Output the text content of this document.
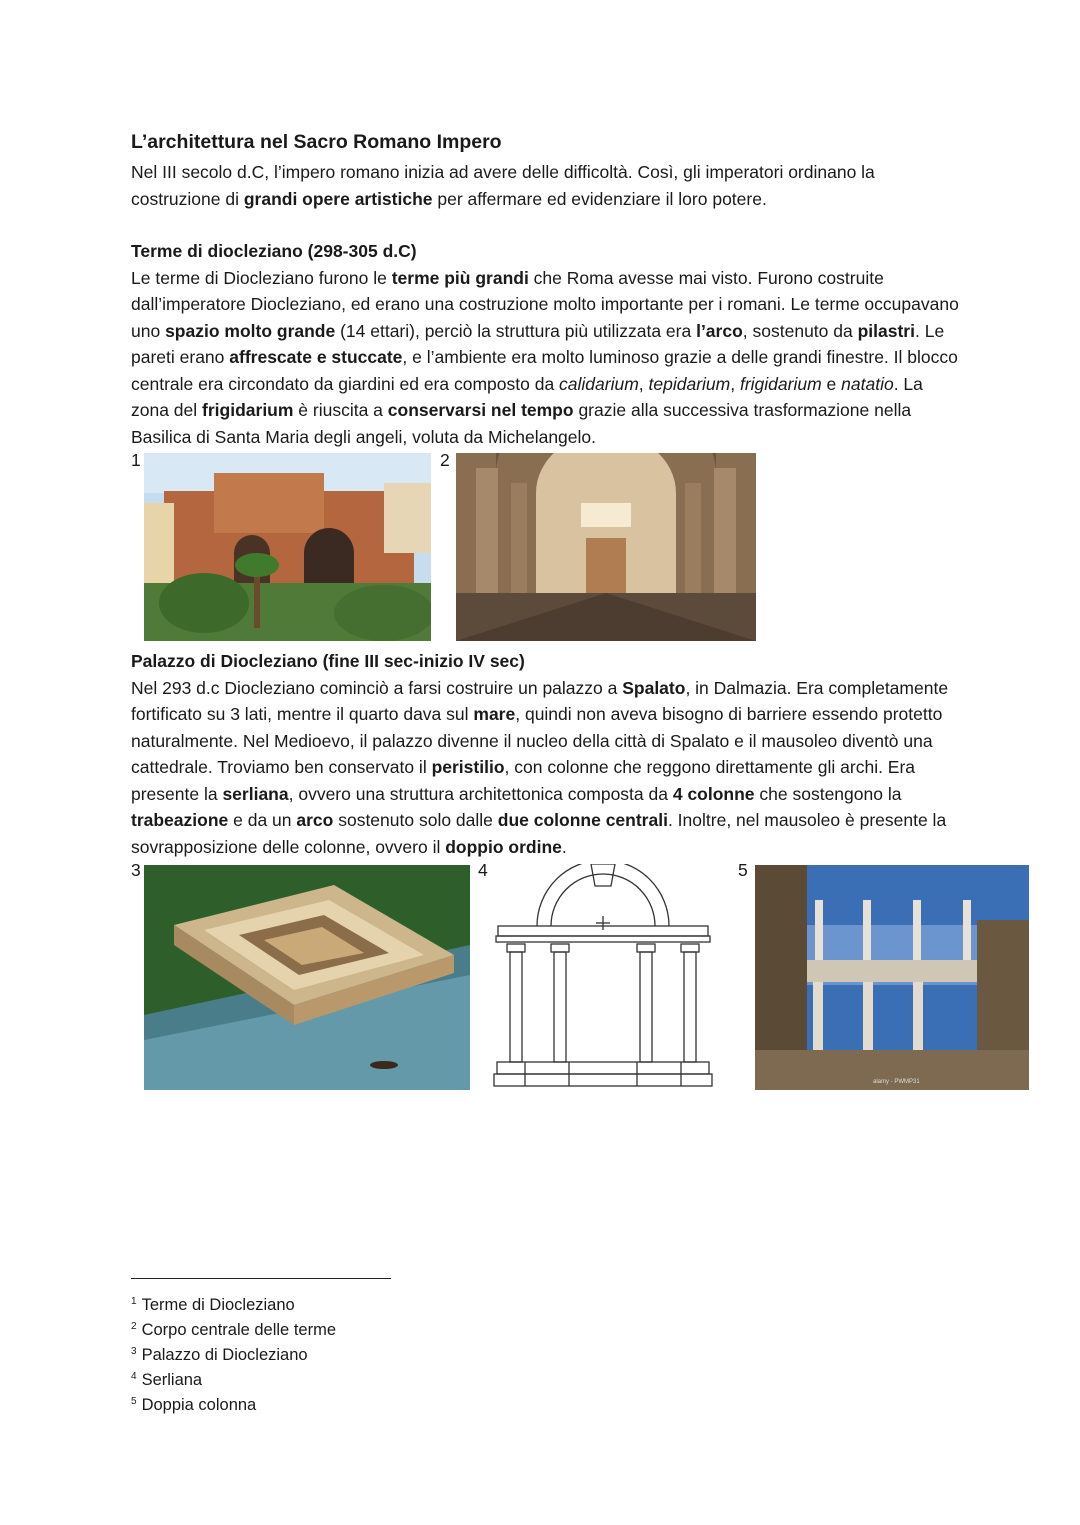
L’architettura nel Sacro Romano Impero

Nel III secolo d.C, l’impero romano inizia ad avere delle difficoltà. Così, gli imperatori ordinano la costruzione di grandi opere artistiche per affermare ed evidenziare il loro potere.

Terme di diocleziano (298-305 d.C)

Le terme di Diocleziano furono le terme più grandi che Roma avesse mai visto. Furono costruite dall’imperatore Diocleziano, ed erano una costruzione molto importante per i romani. Le terme occupavano uno spazio molto grande (14 ettari), perciò la struttura più utilizzata era l’arco, sostenuto da pilastri. Le pareti erano affrescate e stuccate, e l’ambiente era molto luminoso grazie a delle grandi finestre. Il blocco centrale era circondato da giardini ed era composto da calidarium, tepidarium, frigidarium e natatio. La zona del frigidarium è riuscita a conservarsi nel tempo grazie alla successiva trasformazione nella Basilica di Santa Maria degli angeli, voluta da Michelangelo.

1	2
Palazzo di Diocleziano (fine III sec-inizio IV sec)

Nel 293 d.c Diocleziano cominciò a farsi costruire un palazzo a Spalato, in Dalmazia. Era completamente fortificato su 3 lati, mentre il quarto dava sul mare, quindi non aveva bisogno di barriere essendo protetto naturalmente. Nel Medioevo, il palazzo divenne il nucleo della città di Spalato e il mausoleo diventò una cattedrale. Troviamo ben conservato il peristilio, con colonne che reggono direttamente gli archi. Era presente la serliana, ovvero una struttura architettonica composta da 4 colonne che sostengono la trabeazione e da un arco sostenuto solo dalle due colonne centrali. Inoltre, nel mausoleo è presente la sovrapposizione delle colonne, ovvero il doppio ordine.

3	4	5
alamy - PWMP31
$^1$ Terme di Diocleziano
$^2$ Corpo centrale delle terme
$^3$ Palazzo di Diocleziano
$^4$ Serliana
$^5$ Doppia colonna
